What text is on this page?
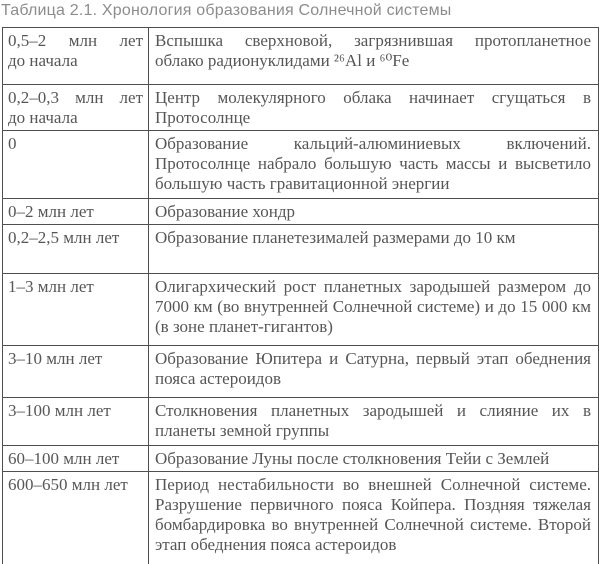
Таблица 2.1. Хронология образования Солнечной системы
0,5–2 млн лет до начала	Вспышка сверхновой, загрязнившая протопланетное облако радионуклидами ²⁶Al и ⁶⁰Fe
0,2–0,3 млн лет до начала	Центр молекулярного облака начинает сгущаться в Протосолнце
0	Образование кальций-алюминиевых включений. Протосолнце набрало большую часть массы и высветило большую часть гравитационной энергии
0–2 млн лет	Образование хондр
0,2–2,5 млн лет	Образование планетезималей размерами до 10 км
1–3 млн лет	Олигархический рост планетных зародышей размером до 7000 км (во внутренней Солнечной системе) и до 15 000 км (в зоне планет-гигантов)
3–10 млн лет	Образование Юпитера и Сатурна, первый этап обеднения пояса астероидов
3–100 млн лет	Столкновения планетных зародышей и слияние их в планеты земной группы
60–100 млн лет	Образование Луны после столкновения Тейи с Землей
600–650 млн лет	Период нестабильности во внешней Солнечной системе. Разрушение первичного пояса Койпера. Поздняя тяжелая бомбардировка во внутренней Солнечной системе. Второй этап обеднения пояса астероидов
